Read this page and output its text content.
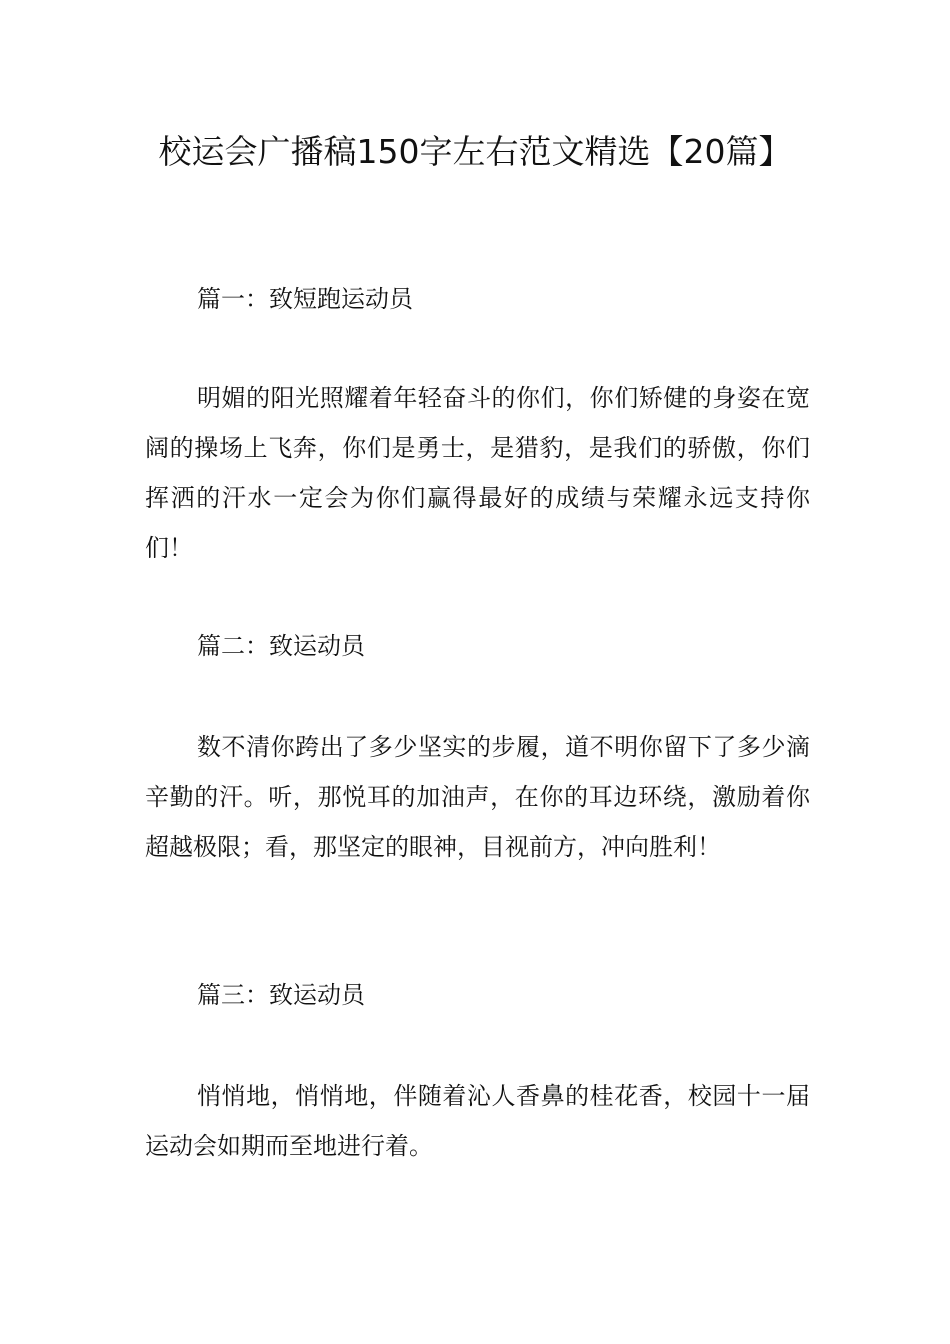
校运会广播稿150字左右范文精选【20篇】

篇一：致短跑运动员

明媚的阳光照耀着年轻奋斗的你们，你们矫健的身姿在宽阔的操场上飞奔，你们是勇士，是猎豹，是我们的骄傲，你们挥洒的汗水一定会为你们赢得最好的成绩与荣耀永远支持你们！

篇二：致运动员

数不清你跨出了多少坚实的步履，道不明你留下了多少滴辛勤的汗。听，那悦耳的加油声，在你的耳边环绕，激励着你超越极限；看，那坚定的眼神，目视前方，冲向胜利！

篇三：致运动员

悄悄地，悄悄地，伴随着沁人香鼻的桂花香，校园十一届运动会如期而至地进行着。
